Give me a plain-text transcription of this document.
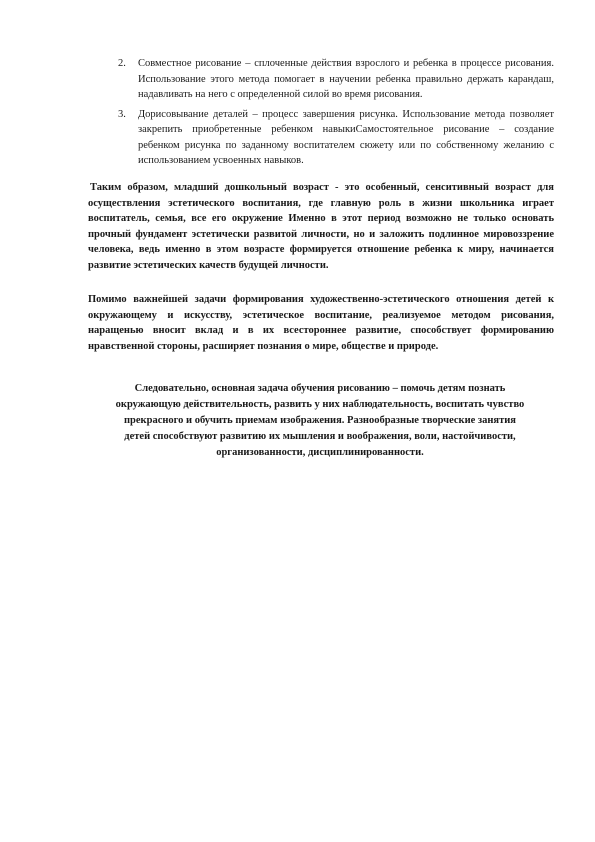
2. Совместное рисование – сплоченные действия взрослого и ребенка в процессе рисования. Использование этого метода помогает в научении ребенка правильно держать карандаш, надавливать на него с определенной силой во время рисования.
3. Дорисовывание деталей – процесс завершения рисунка. Использование метода позволяет закрепить приобретенные ребенком навыкиСамостоятельное рисование – создание ребенком рисунка по заданному воспитателем сюжету или по собственному желанию с использованием усвоенных навыков.

Таким образом, младший дошкольный возраст - это особенный, сенситивный возраст для осуществления эстетического воспитания, где главную роль в жизни школьника играет воспитатель, семья, все его окружение Именно в этот период возможно не только основать прочный фундамент эстетически развитой личности, но и заложить подлинное мировоззрение человека, ведь именно в этом возрасте формируется отношение ребенка к миру, начинается развитие эстетических качеств будущей личности.

Помимо важнейшей задачи формирования художественно-эстетического отношения детей к окружающему и искусству, эстетическое воспитание, реализуемое методом рисования, наращенью вносит вклад и в их всестороннее развитие, способствует формированию нравственной стороны, расширяет познания о мире, обществе и природе.

Следовательно, основная задача обучения рисованию – помочь детям познать окружающую действительность, развить у них наблюдательность, воспитать чувство прекрасного и обучить приемам изображения. Разнообразные творческие занятия детей способствуют развитию их мышления и воображения, воли, настойчивости, организованности, дисциплинированности.
